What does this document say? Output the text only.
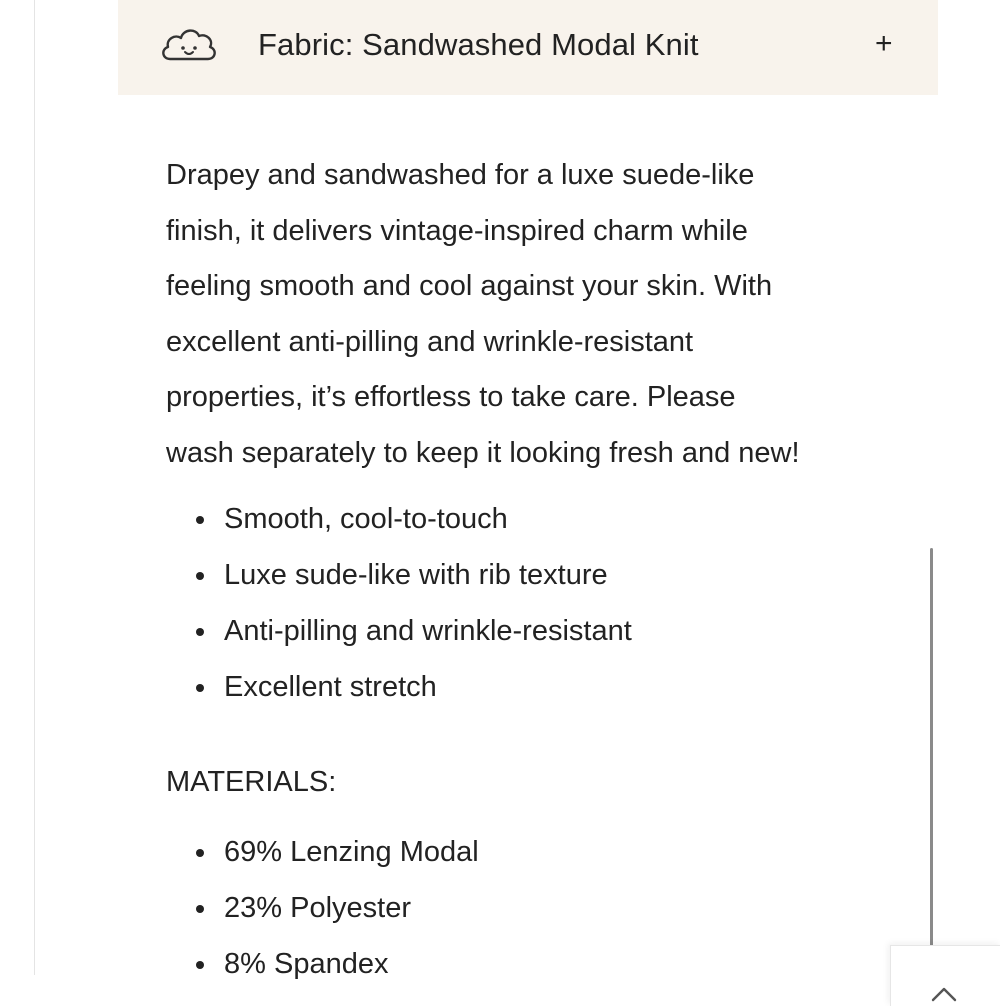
Fabric: Sandwashed Modal Knit	+

Drapey and sandwashed for a luxe suede-like
finish, it delivers vintage-inspired charm while
feeling smooth and cool against your skin. With
excellent anti-pilling and wrinkle-resistant
properties, it’s effortless to take care. Please
wash separately to keep it looking fresh and new!

Smooth, cool-to-touch
Luxe sude-like with rib texture
Anti-pilling and wrinkle-resistant
Excellent stretch
MATERIALS:
69% Lenzing Modal
23% Polyester
8% Spandex
